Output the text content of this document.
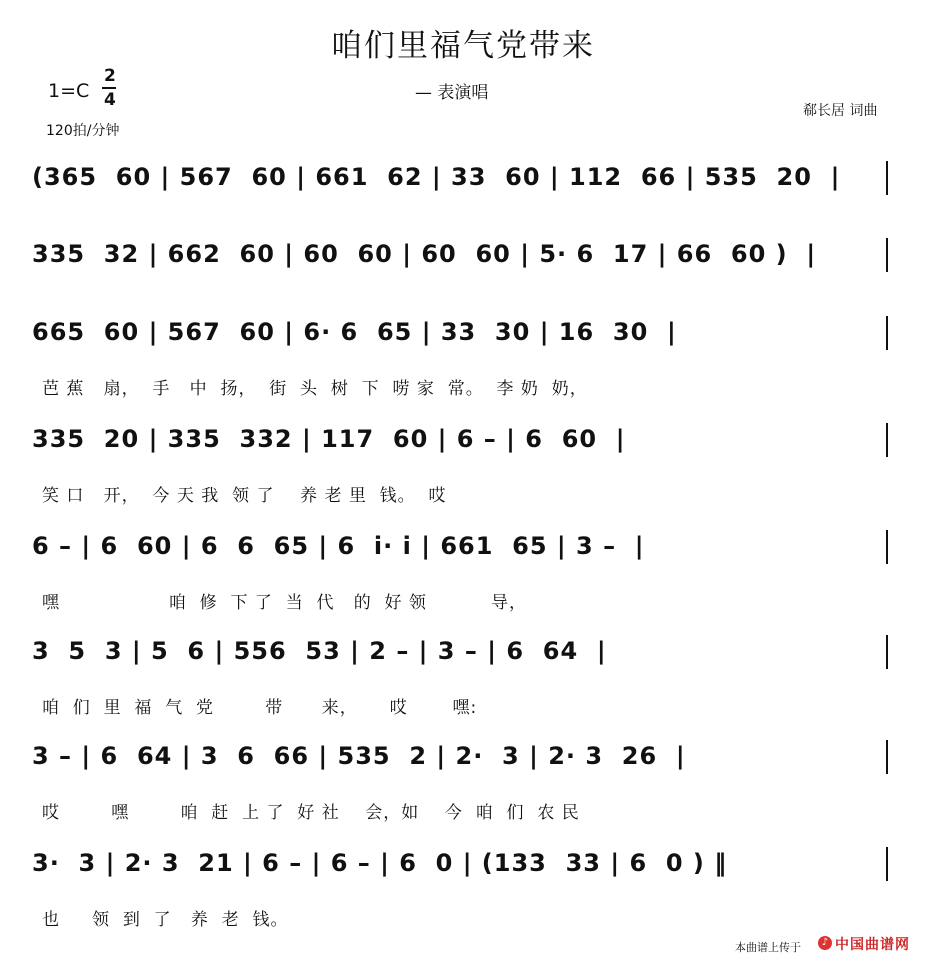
咱们里福气党带来
1=C
2
4
120拍/分钟
— 表演唱
郗长居 词曲
(365  60 | 567  60 | 661  62 | 33  60 | 112  66 | 535  20  |
335  32 | 662  60 | 60  60 | 60  60 | 5· 6  17 | 66  60 )  |
665  60 | 567  60 | 6· 6  65 | 33  30 | 16  30  |
芭 蕉   扇，  手   中  扬，  街  头  树  下  唠 家  常。  李 奶  奶，
335  20 | 335  332 | 117  60 | 6 – | 6  60  |
笑 口   开，  今 天 我  领 了    养 老 里  钱。  哎
6 – | 6  60 | 6  6  65 | 6  i· i | 661  65 | 3 –  |
嘿                 咱  修  下 了  当  代   的  好 领          导，
3  5  3 | 5  6 | 556  53 | 2 – | 3 – | 6  64  |
咱  们  里  福  气  党        带      来，     哎       嘿:
3 – | 6  64 | 3  6  66 | 535  2 | 2·  3 | 2· 3  26  |
哎        嘿        咱  赶  上 了  好 社    会，如    今  咱  们  农 民
3·  3 | 2· 3  21 | 6 – | 6 – | 6  0 | (133  33 | 6  0 ) ‖
也     领  到  了   养  老  钱。
本曲谱上传于	♪ 中国曲谱网
